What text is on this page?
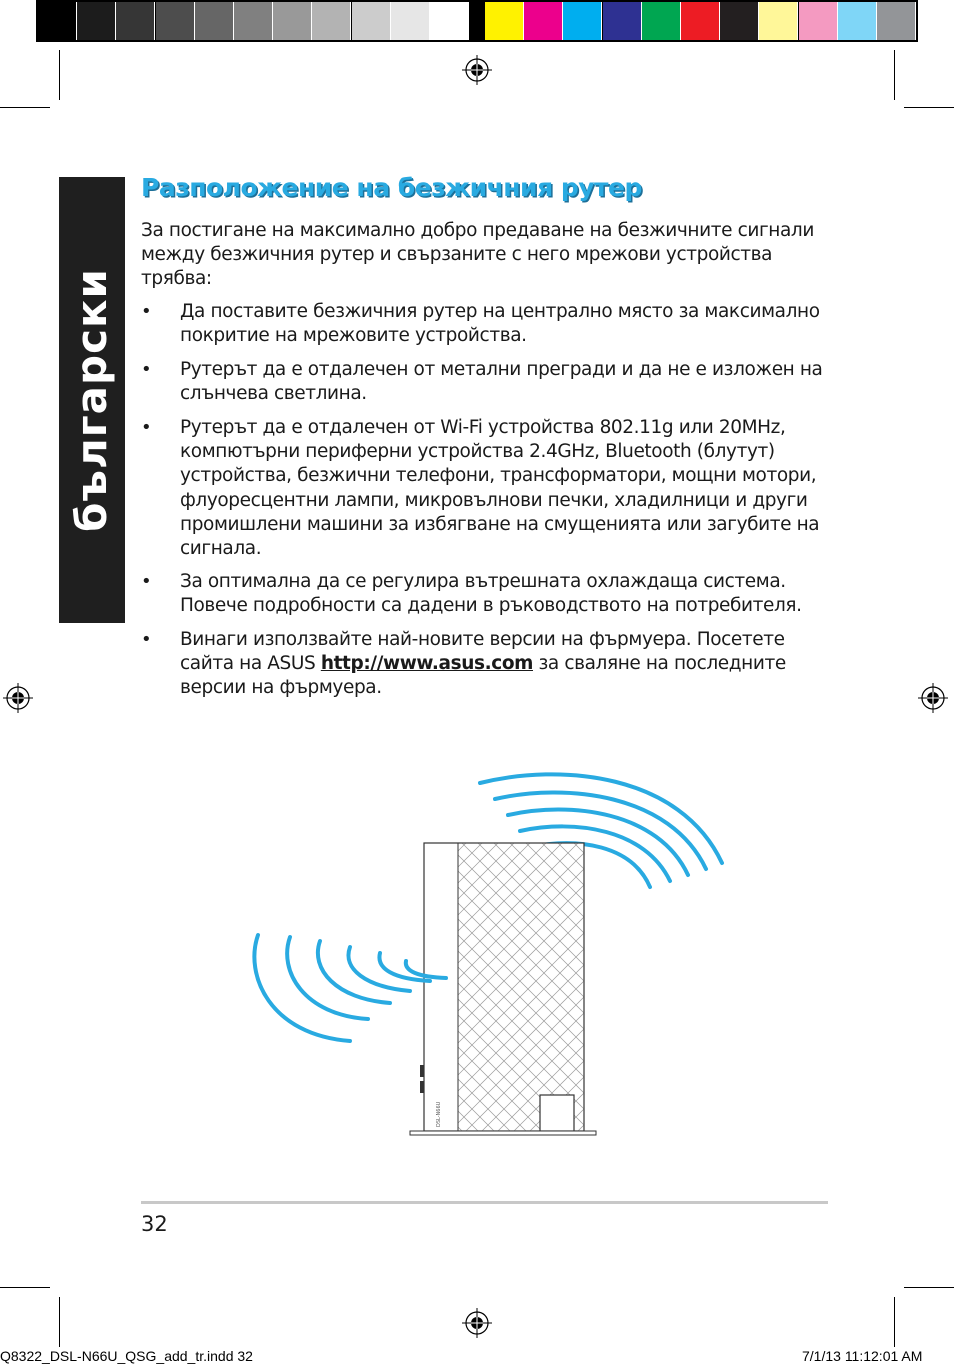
български
Разположение на безжичния рутер
За постигане на максимално добро предаване на безжичните сигнали между безжичния рутер и свързаните с него мрежови устройства трябва:
• Да поставите безжичния рутер на централно място за максимално покритие на мрежовите устройства.
• Рутерът да е отдалечен от метални прегради и да не е изложен на слънчева светлина.
• Рутерът да е отдалечен от Wi-Fi устройства 802.11g или 20MHz, компютърни периферни устройства 2.4GHz, Bluetooth (блутут) устройства, безжични телефони, трансформатори, мощни мотори, флуоресцентни лампи, микровълнови печки, хладилници и други промишлени машини за избягване на смущенията или загубите на сигнала.
• За оптимална да се регулира вътрешната охлаждаща система. Повече подробности са дадени в ръководството на потребителя.
• Винаги използвайте най-новите версии на фърмуера. Посетете сайта на ASUS http://www.asus.com за сваляне на последните версии на фърмуера.
DSL-N66U
32
Q8322_DSL-N66U_QSG_add_tr.indd 32	7/1/13 11:12:01 AM
